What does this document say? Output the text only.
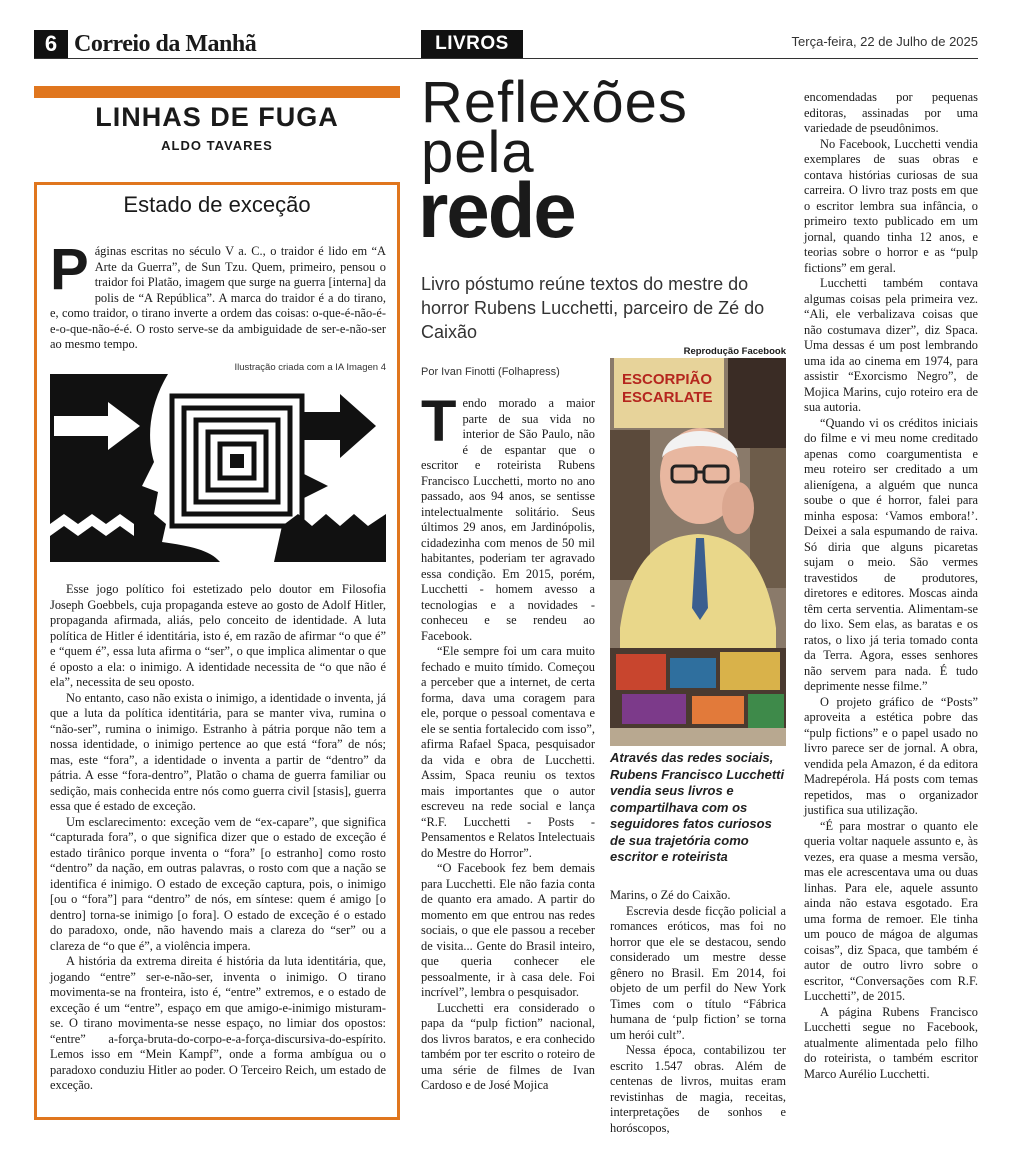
6 Correio da Manhã	LIVROS	Terça-feira, 22 de Julho de 2025
LINHAS DE FUGA
ALDO TAVARES
Estado de exceção

Páginas escritas no século V a. C., o traidor é lido em “A Arte da Guerra”, de Sun Tzu. Quem, primeiro, pensou o traidor foi Platão, imagem que surge na guerra [interna] da polis de “A República”. A marca do traidor é a do tirano, e, como traidor, o tirano inverte a ordem das coisas: o-que-é-não-é-e-o-que-não-é-é. O rosto serve-se da ambiguidade de ser-e-não-ser ao mesmo tempo.

Ilustração criada com a IA Imagen 4

Esse jogo político foi estetizado pelo doutor em Filosofia Joseph Goebbels, cuja propaganda esteve ao gosto de Adolf Hitler, propagandа afirmada, aliás, pelo conceito de identidade. A luta política de Hitler é identitária, isto é, em razão de afirmar “o que é” e “quem é”, essa luta afirma o “ser”, o que implica alimentar o que é oposto a ela: o inimigo. A identidade necessita de “o que não é ela”, necessita de seu oposto.

No entanto, caso não exista o inimigo, a identidade o inventa, já que a luta da política identitária, para se manter viva, rumina o “não-ser”, rumina o inimigo. Estranho à pátria porque não tem a nossa identidade, o inimigo pertence ao que está “fora” de nós; mas, este “fora”, a identidade o inventa a partir de “dentro” da pátria. A esse “fora-dentro”, Platão o chama de guerra familiar ou sedição, mais conhecida entre nós como guerra civil [stasis], guerra essa que é estado de exceção.

Um esclarecimento: exceção vem de “ex-capare”, que significa “capturada fora”, o que significa dizer que o estado de exceção é estado tirânico porque inventa o “fora” [o estranho] como rosto “dentro” da nação, em outras palavras, o rosto com que a nação se identifica é inimigo. O estado de exceção captura, pois, o inimigo [ou o “fora”] para “dentro” de nós, em síntese: quem é amigo [o dentro] torna-se inimigo [o fora]. O estado de exceção é o estado do paradoxo, onde, não havendo mais a clareza do “ser” ou a clareza de “o que é”, a violência impera.

A história da extrema direita é história da luta identitária, que, jogando “entre” ser-e-não-ser, inventa o inimigo. O tirano movimenta-se na fronteira, isto é, “entre” extremos, e o estado de exceção é um “entre”, espaço em que amigo-e-inimigo misturam-se. O tirano movimenta-se nesse espaço, no limiar dos opostos: “entre” a-força-bruta-do-corpo-e-a-força-discursiva-do-espírito. Lemos isso em “Mein Kampf”, onde a forma ambígua ou o paradoxo conduziu Hitler ao poder. O Terceiro Reich, um estado de exceção.

Reflexões
pela
rede
Livro póstumo reúne textos do mestre do horror Rubens Lucchetti, parceiro de Zé do Caixão
Por Ivan Finotti (Folhapress)

Tendo morado a maior parte de sua vida no interior de São Paulo, não é de espantar que o escritor e roteirista Rubens Francisco Lucchetti, morto no ano passado, aos 94 anos, se sentisse intelectualmente solitário. Seus últimos 29 anos, em Jardinópolis, cidadezinha com menos de 50 mil habitantes, poderiam ter agravado essa condição. Em 2015, porém, Lucchetti - homem avesso a tecnologias e a novidades - conheceu e se rendeu ao Facebook.

“Ele sempre foi um cara muito fechado e muito tímido. Começou a perceber que a internet, de certa forma, dava uma coragem para ele, porque o pessoal comentava e ele se sentia fortalecido com isso”, afirma Rafael Spaca, pesquisador da vida e obra de Lucchetti. Assim, Spaca reuniu os textos mais importantes que o autor escreveu na rede social e lança “R.F. Lucchetti - Posts - Pensamentos e Relatos Intelectuais do Mestre do Horror”.

“O Facebook fez bem demais para Lucchetti. Ele não fazia conta de quanto era amado. A partir do momento em que entrou nas redes sociais, o que ele passou a receber de visita... Gente do Brasil inteiro, que queria conhecer ele pessoalmente, ir à casa dele. Foi incrível”, lembra o pesquisador.

Lucchetti era considerado o papa da “pulp fiction” nacional, dos livros baratos, e era conhecido também por ter escrito o roteiro de uma série de filmes de Ivan Cardoso e de José Mojica

Reprodução Facebook
ESCORPIÃO ESCARLATE
Através das redes sociais, Rubens Francisco Lucchetti vendia seus livros e compartilhava com os seguidores fatos curiosos de sua trajetória como escritor e roteirista

Marins, o Zé do Caixão.

Escrevia desde ficção policial a romances eróticos, mas foi no horror que ele se destacou, sendo considerado um mestre desse gênero no Brasil. Em 2014, foi objeto de um perfil do New York Times com o título “Fábrica humana de ‘pulp fiction’ se torna um herói cult”.

Nessa época, contabilizou ter escrito 1.547 obras. Além de centenas de livros, muitas eram revistinhas de magia, receitas, interpretações de sonhos e horóscopos,

encomendadas por pequenas editoras, assinadas por uma variedade de pseudônimos.

No Facebook, Lucchetti vendia exemplares de suas obras e contava histórias curiosas de sua carreira. O livro traz posts em que o escritor lembra sua infância, o primeiro texto publicado em um jornal, quando tinha 12 anos, e teorias sobre o horror e as “pulp fictions” em geral.

Lucchetti também contava algumas coisas pela primeira vez. “Ali, ele verbalizava coisas que não costumava dizer”, diz Spaca. Uma dessas é um post lembrando uma ida ao cinema em 1974, para assistir “Exorcismo Negro”, de Mojica Marins, cujo roteiro era de sua autoria.

“Quando vi os créditos iniciais do filme e vi meu nome creditado apenas como coargumentista e meu roteiro ser creditado a um alienígena, a alguém que nunca soube o que é horror, falei para minha esposa: ‘Vamos embora!’. Deixei a sala espumando de raiva. Só diria que alguns picaretas sujam o meio. São vermes travestidos de produtores, diretores e editores. Moscas ainda têm certa serventia. Alimentam-se do lixo. Sem elas, as baratas e os ratos, o lixo já teria tomado conta da Terra. Agora, esses senhores não servem para nada. É tudo deprimente nesse filme.”

O projeto gráfico de “Posts” aproveita a estética pobre das “pulp fictions” e o papel usado no livro parece ser de jornal. A obra, vendida pela Amazon, é da editora Madrepérola. Há posts com temas repetidos, mas o organizador justifica sua utilização.

“É para mostrar o quanto ele queria voltar naquele assunto e, às vezes, era quase a mesma versão, mas ele acrescentava uma ou duas linhas. Para ele, aquele assunto ainda não estava esgotado. Era uma forma de remoer. Ele tinha um pouco de mágoa de algumas coisas”, diz Spaca, que também é autor de outro livro sobre o escritor, “Conversações com R.F. Lucchetti”, de 2015.

A página Rubens Francisco Lucchetti segue no Facebook, atualmente alimentada pelo filho do roteirista, o também escritor Marco Aurélio Lucchetti.
